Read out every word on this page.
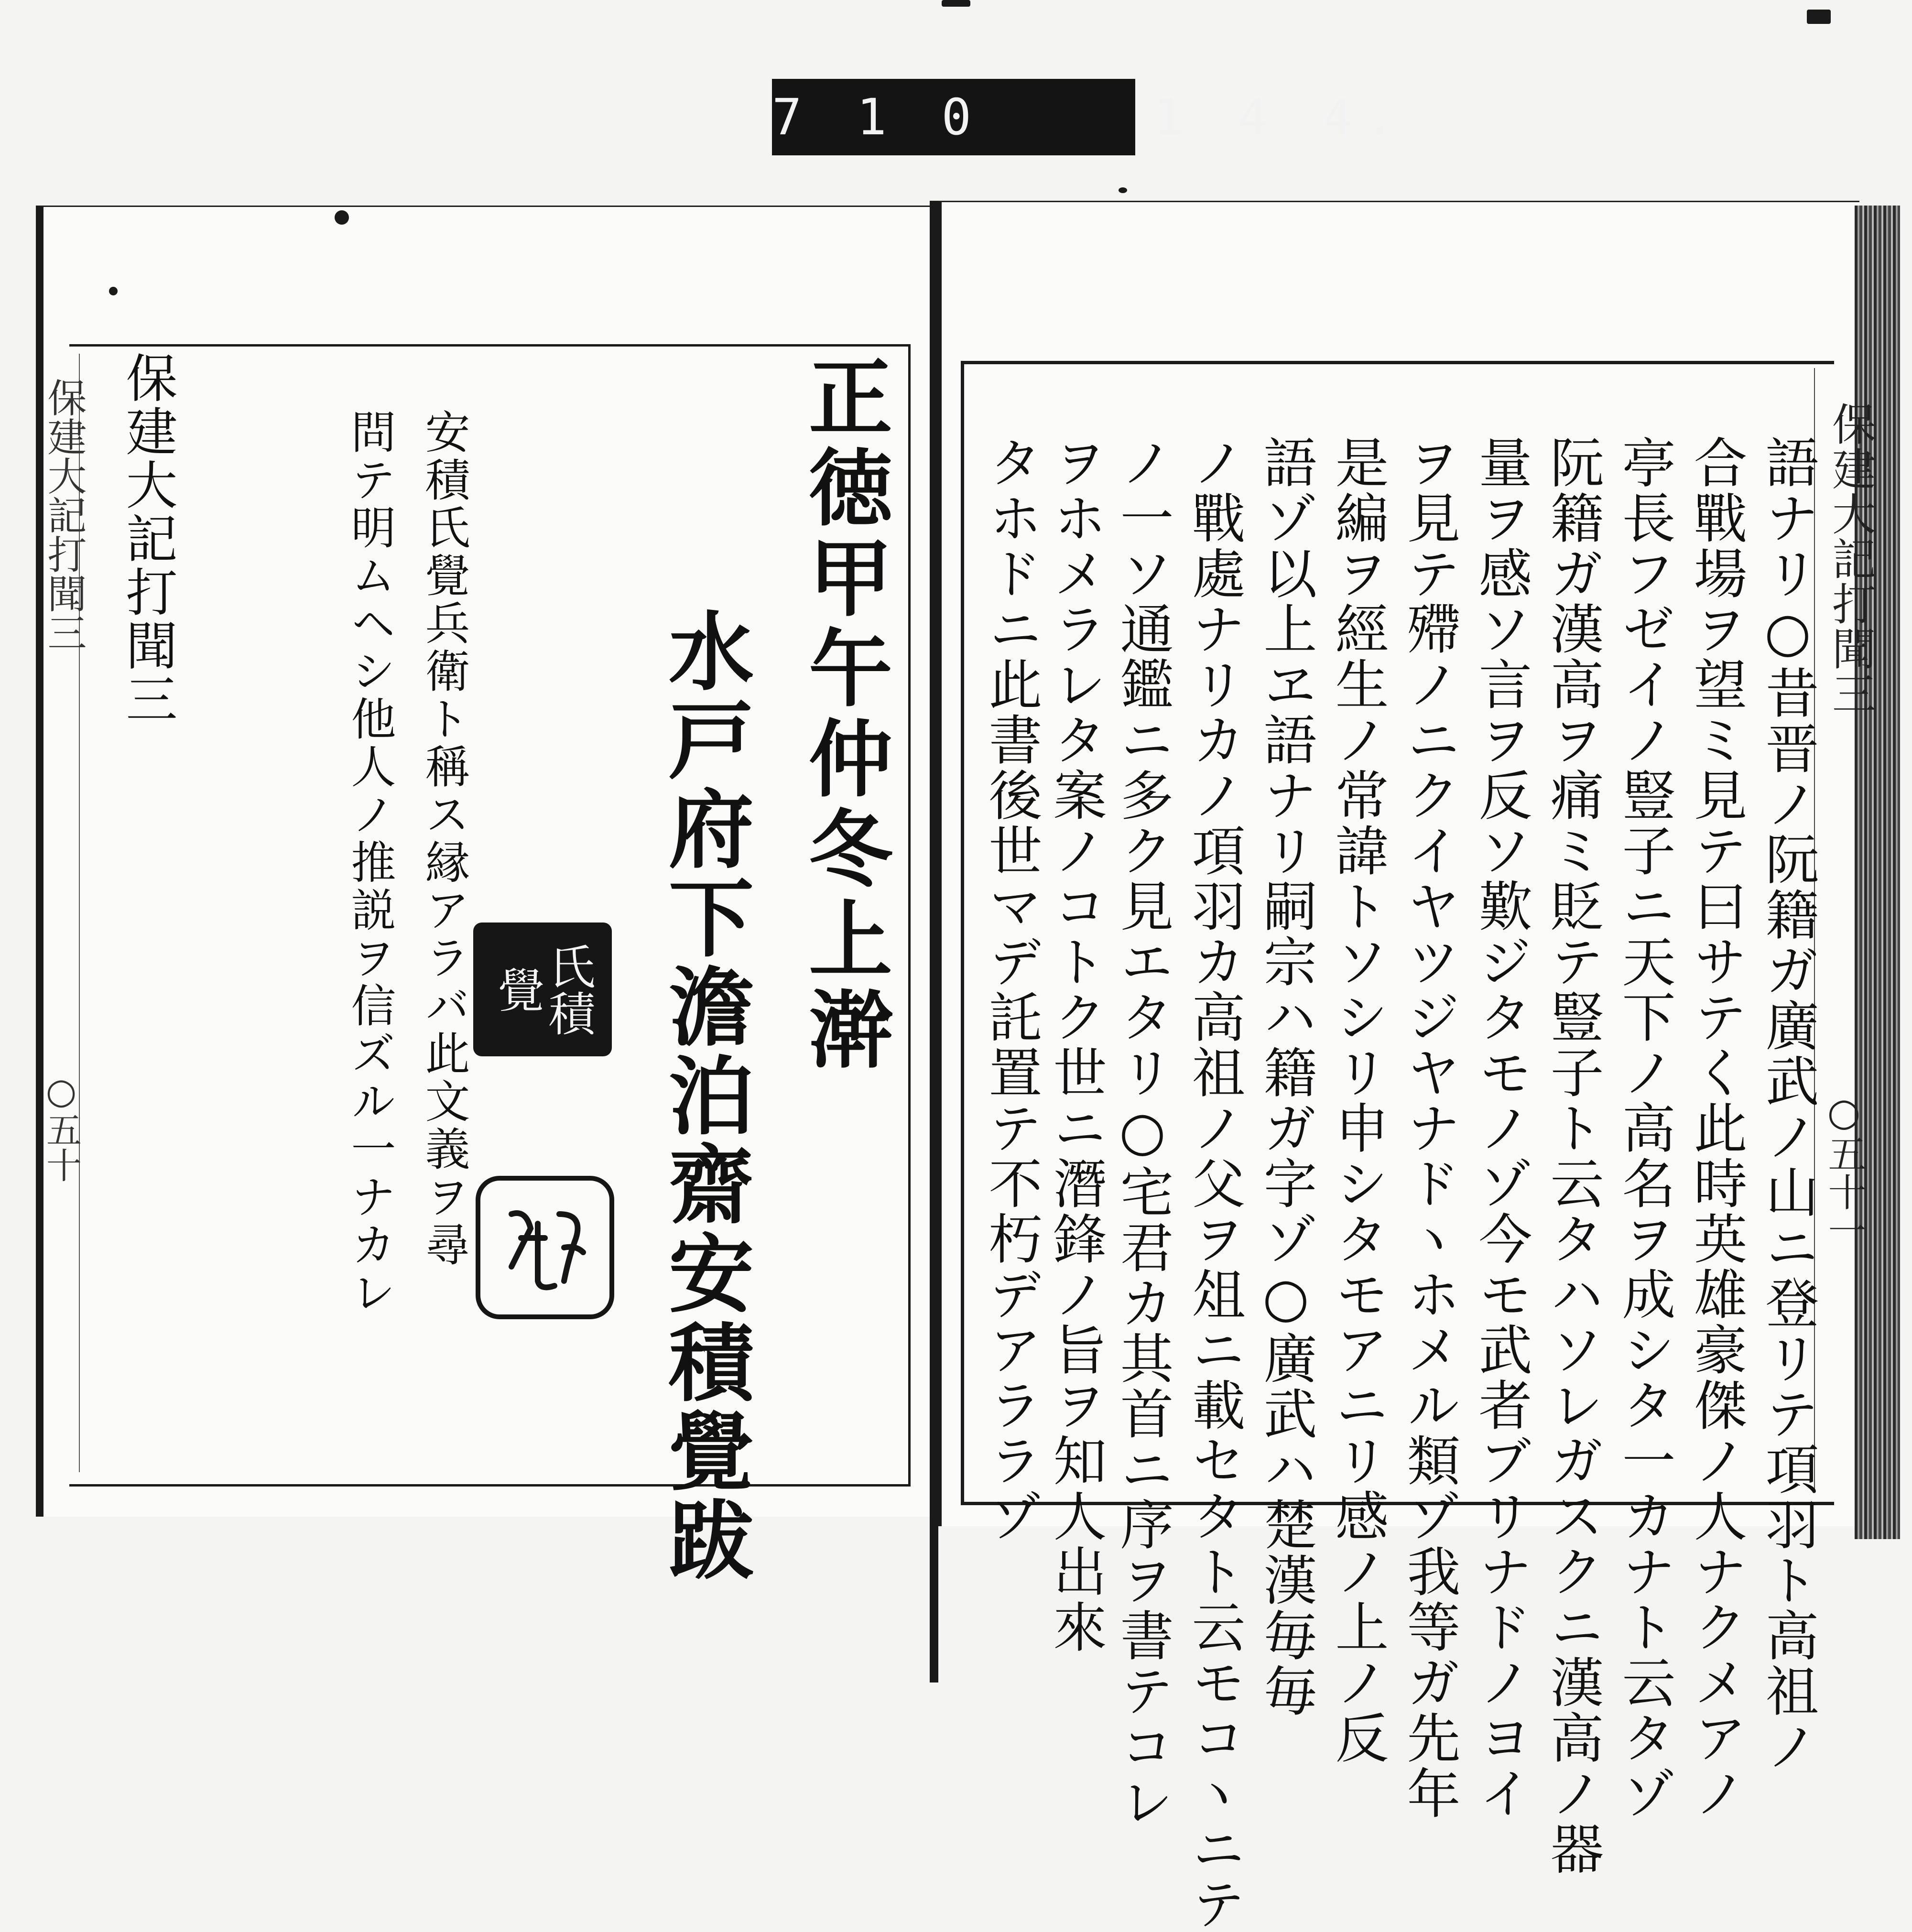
7 1 0    1 4 4.
保建大記打聞三
○五十
保建大記打聞三	正徳甲午仲冬上澣
水戸府下澹泊齋安積覺跋
安積氏覺兵衛ト稱ス縁アラバ此文義ヲ尋
問テ明ムヘシ他人ノ推説ヲ信ズル一ナカレ	氏積
覺
保建大記打聞三
○五十一
語ナリ○昔晋ノ阮籍ガ廣武ノ山ニ登リテ項羽ト高祖ノ
合戰場ヲ望ミ見テ曰サテく此時英雄豪傑ノ人ナクメアノ
亭長フゼイノ豎子ニ天下ノ高名ヲ成シタ一カナト云タゾ
阮籍ガ漢高ヲ痛ミ貶テ豎子ト云タハソレガスクニ漢高ノ器
量ヲ感ソ言ヲ反ソ歎ジタモノゾ今モ武者ブリナドノヨイ
ヲ見テ殢ノニクイヤツジヤナドヽホメル類ゾ我等ガ先年
是編ヲ經生ノ常諱トソシリ申シタモアニリ感ノ上ノ反
語ゾ以上ヱ語ナリ嗣宗ハ籍ガ字ゾ○廣武ハ楚漢毎毎
ノ戰處ナリカノ項羽カ高祖ノ父ヲ俎ニ載セタト云モコヽニテ
ノ一ソ通鑑ニ多ク見エタリ○宅君カ其首ニ序ヲ書テコレ
ヲホメラレタ案ノコトク世ニ潛鋒ノ旨ヲ知人出來
タホドニ此書後世マデ託置テ不朽デアララゾ
